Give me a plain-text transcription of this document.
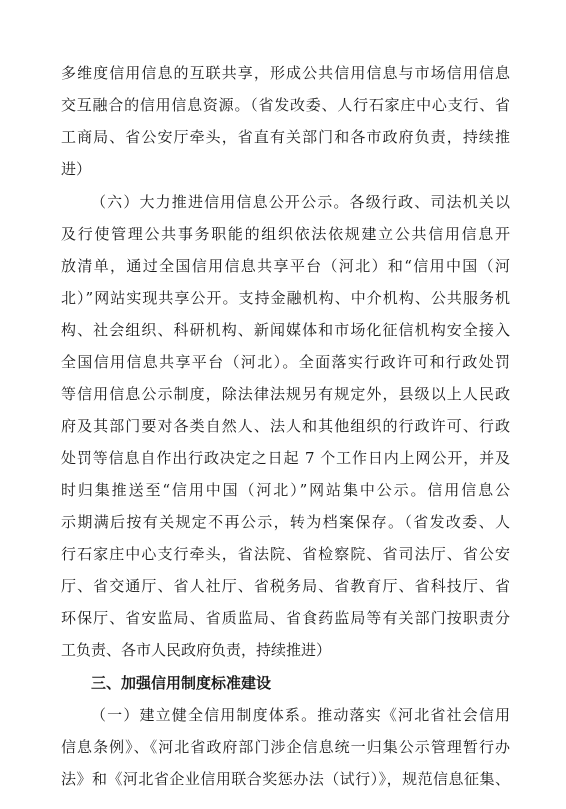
多维度信用信息的互联共享，形成公共信用信息与市场信用信息
交互融合的信用信息资源。（省发改委、人行石家庄中心支行、省
工商局、省公安厅牵头，省直有关部门和各市政府负责，持续推
进）
（六）大力推进信用信息公开公示。各级行政、司法机关以
及行使管理公共事务职能的组织依法依规建立公共信用信息开
放清单，通过全国信用信息共享平台（河北）和“信用中国（河
北）”网站实现共享公开。支持金融机构、中介机构、公共服务机
构、社会组织、科研机构、新闻媒体和市场化征信机构安全接入
全国信用信息共享平台（河北）。全面落实行政许可和行政处罚
等信用信息公示制度，除法律法规另有规定外，县级以上人民政
府及其部门要对各类自然人、法人和其他组织的行政许可、行政
处罚等信息自作出行政决定之日起 7 个工作日内上网公开，并及
时归集推送至“信用中国（河北）”网站集中公示。信用信息公
示期满后按有关规定不再公示，转为档案保存。（省发改委、人
行石家庄中心支行牵头，省法院、省检察院、省司法厅、省公安
厅、省交通厅、省人社厅、省税务局、省教育厅、省科技厅、省
环保厅、省安监局、省质监局、省食药监局等有关部门按职责分
工负责、各市人民政府负责，持续推进）
三、加强信用制度标准建设
（一）建立健全信用制度体系。推动落实《河北省社会信用
信息条例》、《河北省政府部门涉企信息统一归集公示管理暂行办
法》和《河北省企业信用联合奖惩办法（试行）》，规范信息征集、
